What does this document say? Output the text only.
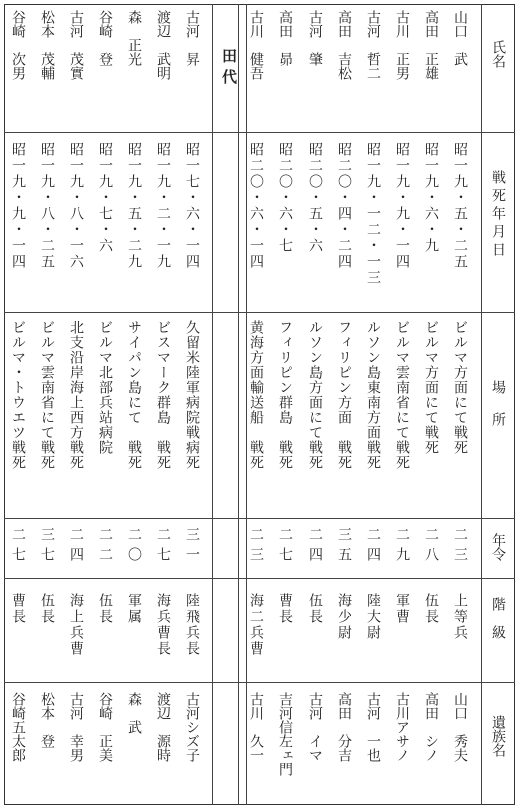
氏名
戦死年月日
場所
年令
階級
遺族名
田代
山口　武
昭一九・五・二五
ビルマ方面にて戦死
二三
上等兵
山口　秀夫
高田　正雄
昭一九・六・九
ビルマ方面にて戦死
二八
伍長
高田　シノ
古川　正男
昭一九・九・一四
ビルマ雲南省にて戦死
二九
軍曹
古川アサノ
古河　哲二
昭一九・一二・一三
ルソン島東南方面戦死
二四
陸大尉
古河　一也
高田　吉松
昭二〇・四・二四
フィリピン方面　戦死
三五
海少尉
高田　分吉
古河　肇
昭二〇・五・六
ルソン島方面にて戦死
二四
伍長
古河　イマ
高田　昴
昭二〇・六・七
フィリピン群島　戦死
二七
曹長
吉河信左ェ門
古川　健吾
昭二〇・六・一四
黄海方面輸送船　戦死
二三
海二兵曹
古川　久一
古河　昇
昭一七・六・一四
久留米陸軍病院戦病死
三一
陸飛兵長
古河シズ子
渡辺　武明
昭一九・二・一九
ビスマーク群島　戦死
二七
海兵曹長
渡辺　源時
森　正光
昭一九・五・二九
サイパン島にて　戦死
二〇
軍属
森　武
谷崎　登
昭一九・七・六
ビルマ北部兵站病院
二二
伍長
谷崎　正美
古河　茂實
昭一九・八・一六
北支沿岸海上西方戦死
二四
海上兵曹
古河　幸男
松本　茂輔
昭一九・八・二五
ビルマ雲南省にて戦死
三七
伍長
松本　登
谷崎　次男
昭一九・九・一四
ビルマ・トウエツ戦死
二七
曹長
谷崎五太郎
